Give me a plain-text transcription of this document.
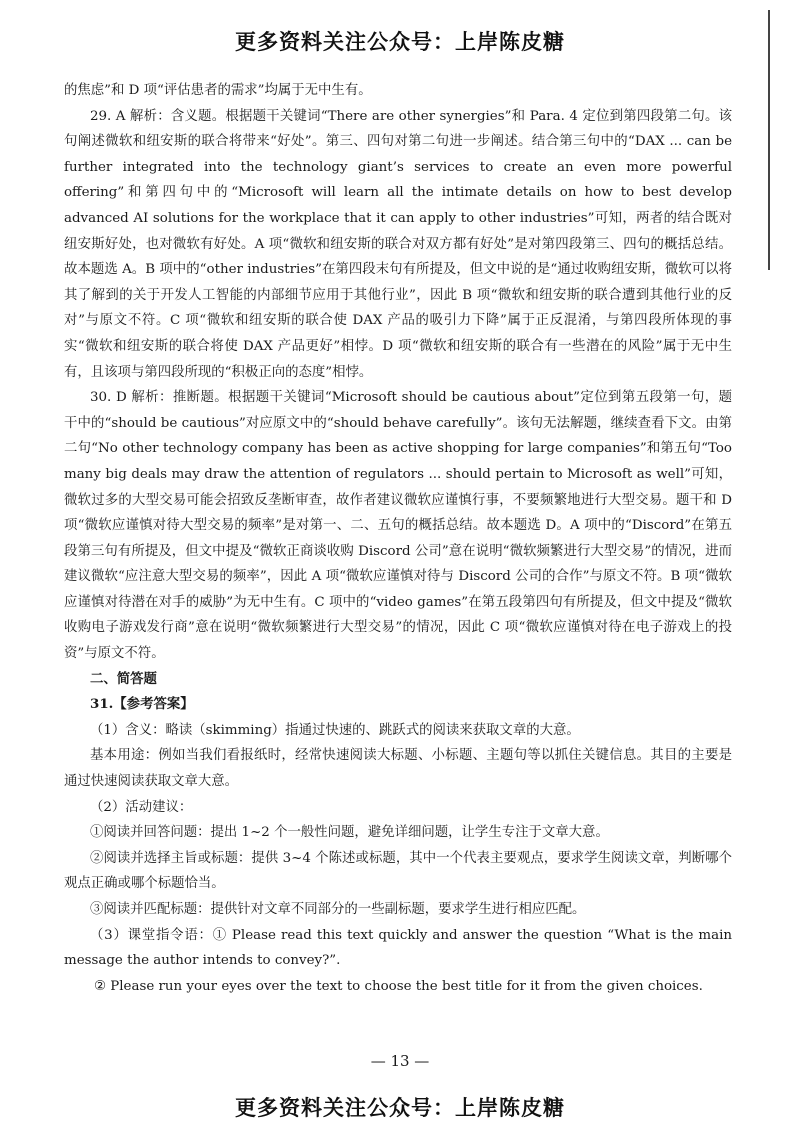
更多资料关注公众号：上岸陈皮糖

的焦虑”和 D 项“评估患者的需求”均属于无中生有。

29. A 解析：含义题。根据题干关键词“There are other synergies”和 Para. 4 定位到第四段第二句。该句阐述微软和纽安斯的联合将带来“好处”。第三、四句对第二句进一步阐述。结合第三句中的“DAX ... can be further integrated into the technology giant’s services to create an even more powerful offering”和第四句中的“Microsoft will learn all the intimate details on how to best develop advanced AI solutions for the workplace that it can apply to other industries”可知，两者的结合既对纽安斯好处，也对微软有好处。A 项“微软和纽安斯的联合对双方都有好处”是对第四段第三、四句的概括总结。故本题选 A。B 项中的“other industries”在第四段末句有所提及，但文中说的是“通过收购纽安斯，微软可以将其了解到的关于开发人工智能的内部细节应用于其他行业”，因此 B 项“微软和纽安斯的联合遭到其他行业的反对”与原文不符。C 项“微软和纽安斯的联合使 DAX 产品的吸引力下降”属于正反混淆，与第四段所体现的事实“微软和纽安斯的联合将使 DAX 产品更好”相悖。D 项“微软和纽安斯的联合有一些潜在的风险”属于无中生有，且该项与第四段所现的“积极正向的态度”相悖。

30. D 解析：推断题。根据题干关键词“Microsoft should be cautious about”定位到第五段第一句，题干中的“should be cautious”对应原文中的“should behave carefully”。该句无法解题，继续查看下文。由第二句“No other technology company has been as active shopping for large companies”和第五句“Too many big deals may draw the attention of regulators ... should pertain to Microsoft as well”可知，微软过多的大型交易可能会招致反垄断审查，故作者建议微软应谨慎行事，不要频繁地进行大型交易。题干和 D 项“微软应谨慎对待大型交易的频率”是对第一、二、五句的概括总结。故本题选 D。A 项中的“Discord”在第五段第三句有所提及，但文中提及“微软正商谈收购 Discord 公司”意在说明“微软频繁进行大型交易”的情况，进而建议微软“应注意大型交易的频率”，因此 A 项“微软应谨慎对待与 Discord 公司的合作”与原文不符。B 项“微软应谨慎对待潜在对手的威胁”为无中生有。C 项中的“video games”在第五段第四句有所提及，但文中提及“微软收购电子游戏发行商”意在说明“微软频繁进行大型交易”的情况，因此 C 项“微软应谨慎对待在电子游戏上的投资”与原文不符。

二、简答题

31.【参考答案】

（1）含义：略读（skimming）指通过快速的、跳跃式的阅读来获取文章的大意。

基本用途：例如当我们看报纸时，经常快速阅读大标题、小标题、主题句等以抓住关键信息。其目的主要是通过快速阅读获取文章大意。

（2）活动建议：

①阅读并回答问题：提出 1~2 个一般性问题，避免详细问题，让学生专注于文章大意。

②阅读并选择主旨或标题：提供 3~4 个陈述或标题，其中一个代表主要观点，要求学生阅读文章，判断哪个观点正确或哪个标题恰当。

③阅读并匹配标题：提供针对文章不同部分的一些副标题，要求学生进行相应匹配。

（3）课堂指令语：① Please read this text quickly and answer the question “What is the main message the author intends to convey?”.

② Please run your eyes over the text to choose the best title for it from the given choices.

— 13 —
更多资料关注公众号：上岸陈皮糖
